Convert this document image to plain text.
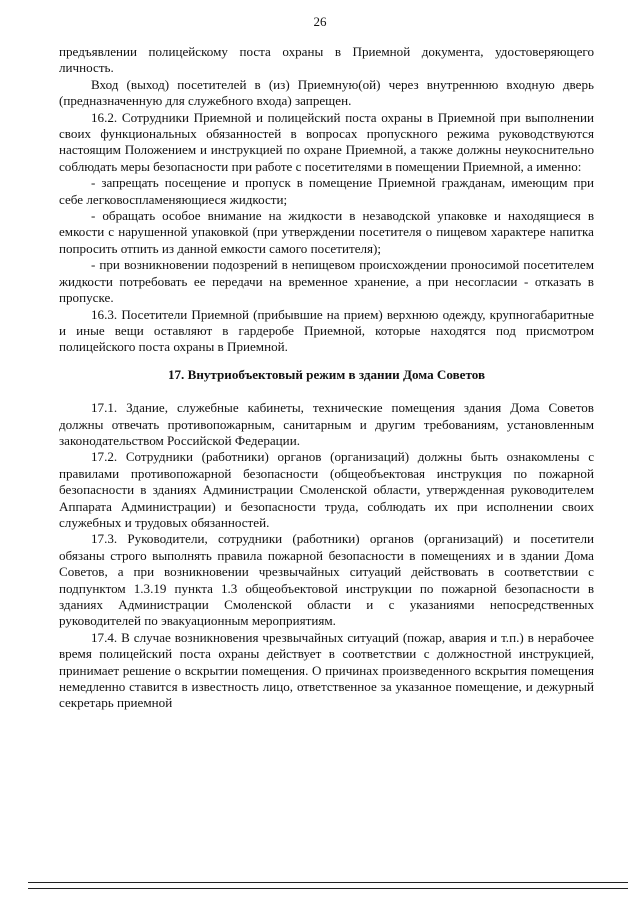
26

предъявлении полицейскому поста охраны в Приемной документа, удостоверяющего личность.

Вход (выход) посетителей в (из) Приемную(ой) через внутреннюю входную дверь (предназначенную для служебного входа) запрещен.

16.2. Сотрудники Приемной и полицейский поста охраны в Приемной при выполнении своих функциональных обязанностей в вопросах пропускного режима руководствуются настоящим Положением и инструкцией по охране Приемной, а также должны неукоснительно соблюдать меры безопасности при работе с посетителями в помещении Приемной, а именно:

- запрещать посещение и пропуск в помещение Приемной гражданам, имеющим при себе легковоспламеняющиеся жидкости;

- обращать особое внимание на жидкости в незаводской упаковке и находящиеся в емкости с нарушенной упаковкой (при утверждении посетителя о пищевом характере напитка попросить отпить из данной емкости самого посетителя);

- при возникновении подозрений в непищевом происхождении проносимой посетителем жидкости потребовать ее передачи на временное хранение, а при несогласии - отказать в пропуске.

16.3. Посетители Приемной (прибывшие на прием) верхнюю одежду, крупногабаритные и иные вещи оставляют в гардеробе Приемной, которые находятся под присмотром полицейского поста охраны в Приемной.

17. Внутриобъектовый режим в здании Дома Советов

17.1. Здание, служебные кабинеты, технические помещения здания Дома Советов должны отвечать противопожарным, санитарным и другим требованиям, установленным законодательством Российской Федерации.

17.2. Сотрудники (работники) органов (организаций) должны быть ознакомлены с правилами противопожарной безопасности (общеобъектовая инструкция по пожарной безопасности в зданиях Администрации Смоленской области, утвержденная руководителем Аппарата Администрации) и безопасности труда, соблюдать их при исполнении своих служебных и трудовых обязанностей.

17.3. Руководители, сотрудники (работники) органов (организаций) и посетители обязаны строго выполнять правила пожарной безопасности в помещениях и в здании Дома Советов, а при возникновении чрезвычайных ситуаций действовать в соответствии с подпунктом 1.3.19 пункта 1.3 общеобъектовой инструкции по пожарной безопасности в зданиях Администрации Смоленской области и с указаниями непосредственных руководителей по эвакуационным мероприятиям.

17.4. В случае возникновения чрезвычайных ситуаций (пожар, авария и т.п.) в нерабочее время полицейский поста охраны действует в соответствии с должностной инструкцией, принимает решение о вскрытии помещения. О причинах произведенного вскрытия помещения немедленно ставится в известность лицо, ответственное за указанное помещение, и дежурный секретарь приемной
